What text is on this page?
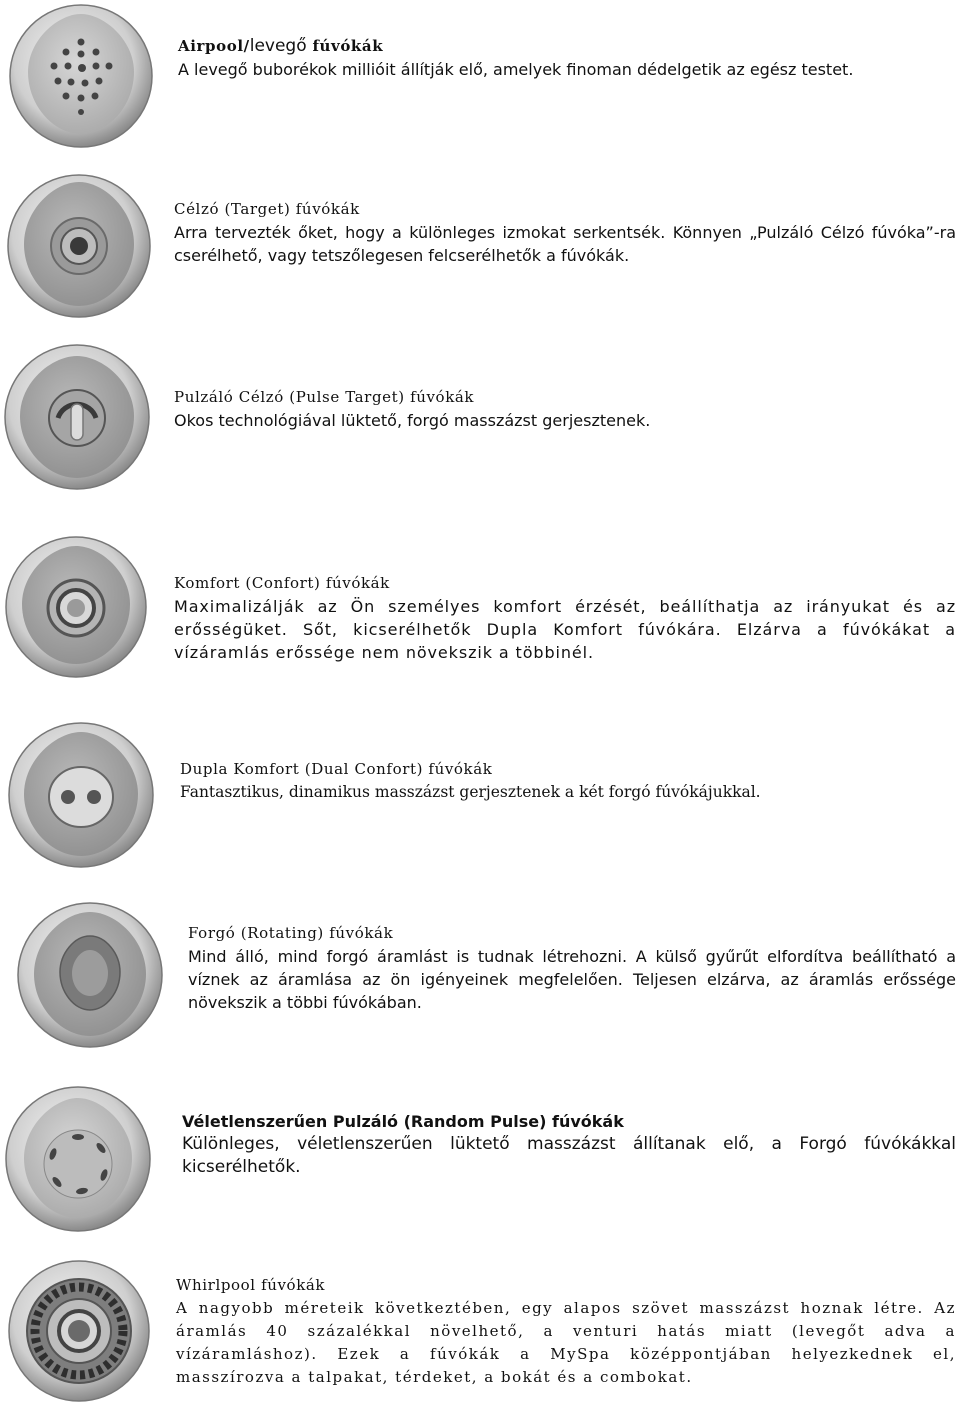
Airpool/levegő fúvókák

A levegő buborékok millióit állítják elő, amelyek finoman dédelgetik az egész testet.

Célzó (Target) fúvókák

Arra tervezték őket, hogy a különleges izmokat serkentsék. Könnyen „Pulzáló Célzó fúvóka”-ra cserélhető, vagy tetszőlegesen felcserélhetők a fúvókák.

Pulzáló Célzó (Pulse Target) fúvókák

Okos technológiával lüktető, forgó masszázst gerjesztenek.

Komfort (Confort) fúvókák

Maximalizálják az Ön személyes komfort érzését, beállíthatja az irányukat és az erősségüket. Sőt, kicserélhetők Dupla Komfort fúvókára. Elzárva a fúvókákat a vízáramlás erőssége nem növekszik a többinél.

Dupla Komfort (Dual Confort) fúvókák

Fantasztikus, dinamikus masszázst gerjesztenek a két forgó fúvókájukkal.

Forgó (Rotating) fúvókák

Mind álló, mind forgó áramlást is tudnak létrehozni. A külső gyűrűt elfordítva beállítható a víznek az áramlása az ön igényeinek megfelelően. Teljesen elzárva, az áramlás erőssége növekszik a többi fúvókában.

Véletlenszerűen Pulzáló (Random Pulse) fúvókák

Különleges, véletlenszerűen lüktető masszázst állítanak elő, a Forgó fúvókákkal kicserélhetők.

Whirlpool fúvókák

A nagyobb méreteik következtében, egy alapos szövet masszázst hoznak létre. Az áramlás 40 százalékkal növelhető, a venturi hatás miatt (levegőt adva a vízáramláshoz). Ezek a fúvókák a MySpa középpontjában helyezkednek el, masszírozva a talpakat, térdeket, a bokát és a combokat.
